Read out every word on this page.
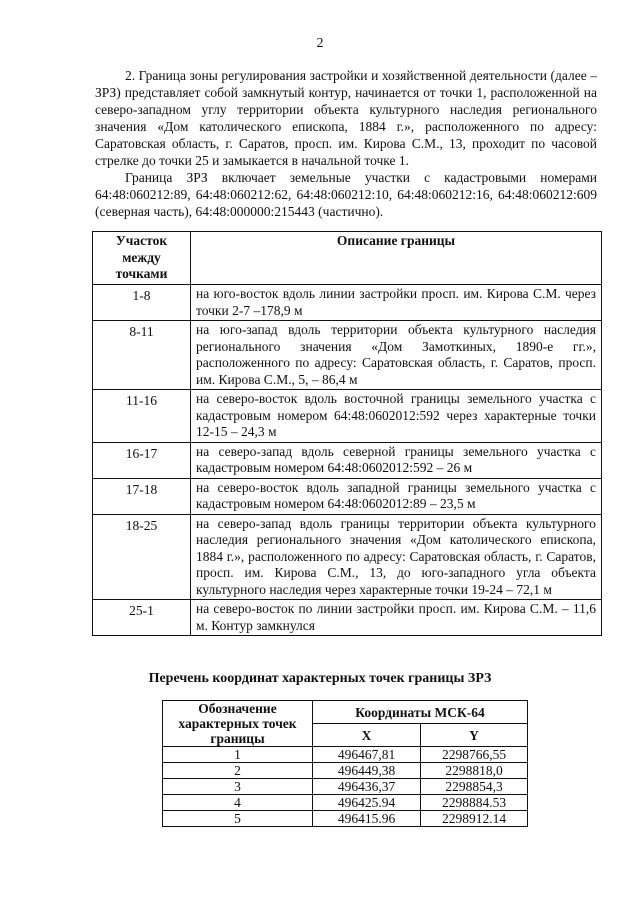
2

2. Граница зоны регулирования застройки и хозяйственной деятельности (далее – ЗРЗ) представляет собой замкнутый контур, начинается от точки 1, расположенной на северо-западном углу территории объекта культурного наследия регионального значения «Дом католического епископа, 1884 г.», расположенного по адресу: Саратовская область, г. Саратов, просп. им. Кирова С.М., 13, проходит по часовой стрелке до точки 25 и замыкается в начальной точке 1.

Граница ЗРЗ включает земельные участки с кадастровыми номерами 64:48:060212:89, 64:48:060212:62, 64:48:060212:10, 64:48:060212:16, 64:48:060212:609 (северная часть), 64:48:000000:215443 (частично).

Участок между точками	Описание границы
1-8	на юго-восток вдоль линии застройки просп. им. Кирова С.М. через точки 2-7 –178,9 м
8-11	на юго-запад вдоль территории объекта культурного наследия регионального значения «Дом Замоткиных, 1890-е гг.», расположенного по адресу: Саратовская область, г. Саратов, просп. им. Кирова С.М., 5, – 86,4 м
11-16	на северо-восток вдоль восточной границы земельного участка с кадастровым номером 64:48:0602012:592 через характерные точки 12-15 – 24,3 м
16-17	на северо-запад вдоль северной границы земельного участка с кадастровым номером 64:48:0602012:592 – 26 м
17-18	на северо-восток вдоль западной границы земельного участка с кадастровым номером 64:48:0602012:89 – 23,5 м
18-25	на северо-запад вдоль границы территории объекта культурного наследия регионального значения «Дом католического епископа, 1884 г.», расположенного по адресу: Саратовская область, г. Саратов, просп. им. Кирова С.М., 13, до юго-западного угла объекта культурного наследия через характерные точки 19-24 – 72,1 м
25-1	на северо-восток по линии застройки просп. им. Кирова С.М. – 11,6 м. Контур замкнулся
Перечень координат характерных точек границы ЗРЗ
Обозначение характерных точек границы	Координаты МСК-64	
	X	Y
1	496467,81	2298766,55
2	496449,38	2298818,0
3	496436,37	2298854,3
4	496425.94	2298884.53
5	496415.96	2298912.14
